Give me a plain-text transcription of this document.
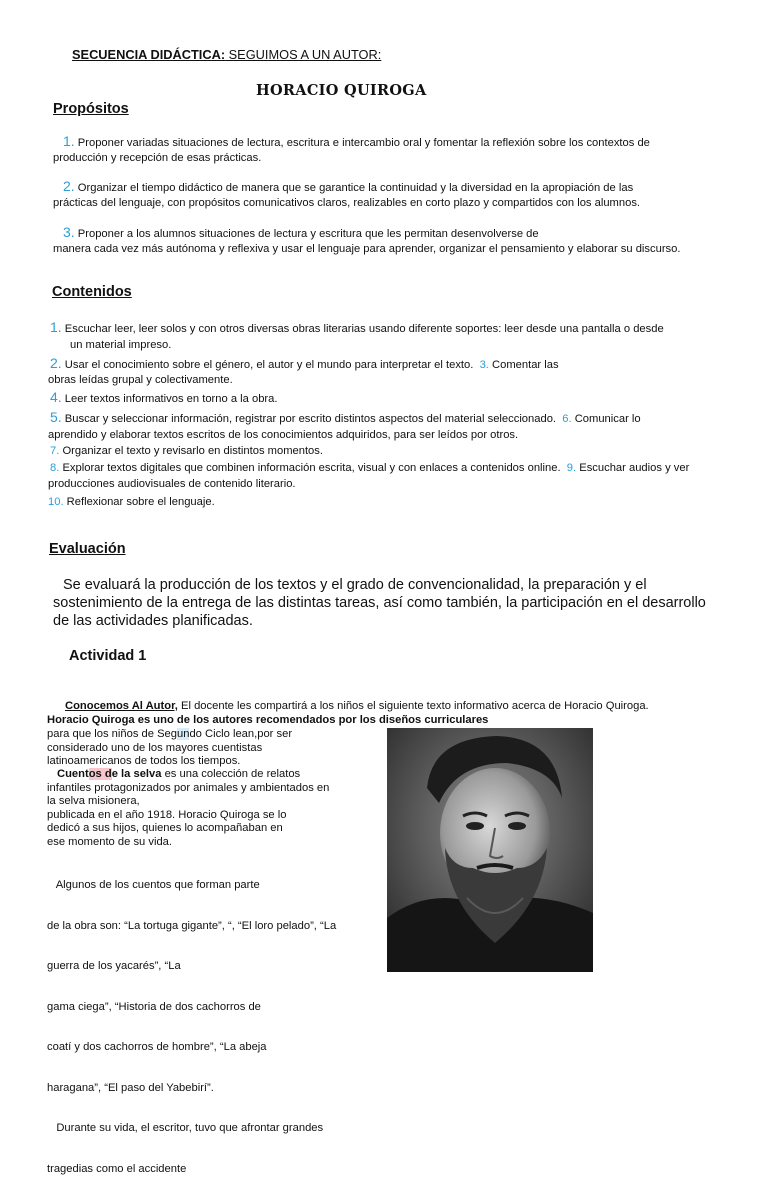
SECUENCIA DIDÁCTICA: SEGUIMOS A UN AUTOR:
HORACIO QUIROGA
Propósitos
1. Proponer variadas situaciones de lectura, escritura e intercambio oral y fomentar la reflexión sobre los contextos de
producción y recepción de esas prácticas.
2. Organizar el tiempo didáctico de manera que se garantice la continuidad y la diversidad en la apropiación de las
prácticas del lenguaje, con propósitos comunicativos claros, realizables en corto plazo y compartidos con los alumnos.
3. Proponer a los alumnos situaciones de lectura y escritura que les permitan desenvolverse de
manera cada vez más autónoma y reflexiva y usar el lenguaje para aprender, organizar el pensamiento y elaborar su discurso.
Contenidos
1. Escuchar leer, leer solos y con otros diversas obras literarias usando diferente soportes: leer desde una pantalla o desde
un material impreso.
2. Usar el conocimiento sobre el género, el autor y el mundo para interpretar el texto. 3. Comentar las
obras leídas grupal y colectivamente.
4. Leer textos informativos en torno a la obra.
5. Buscar y seleccionar información, registrar por escrito distintos aspectos del material seleccionado. 6. Comunicar lo
aprendido y elaborar textos escritos de los conocimientos adquiridos, para ser leídos por otros.
7. Organizar el texto y revisarlo en distintos momentos.
8. Explorar textos digitales que combinen información escrita, visual y con enlaces a contenidos online. 9. Escuchar audios y ver
producciones audiovisuales de contenido literario.
10. Reflexionar sobre el lenguaje.
Evaluación
Se evaluará la producción de los textos y el grado de convencionalidad, la preparación y el
sostenimiento de la entrega de las distintas tareas, así como también, la participación en el desarrollo
de las actividades planificadas.
Actividad 1
Conocemos Al Autor, El docente les compartirá a los niños el siguiente texto informativo acerca de Horacio Quiroga.
Horacio Quiroga es uno de los autores recomendados por los diseños curriculares
para que los niños de Segundo Ciclo lean,por ser
considerado uno de los mayores cuentistas
latinoamericanos de todos los tiempos.
Cuentos de la selva es una colección de relatos
infantiles protagonizados por animales y ambientados en
la selva misionera,
publicada en el año 1918. Horacio Quiroga se lo
dedicó a sus hijos, quienes lo acompañaban en
ese momento de su vida.

Algunos de los cuentos que forman parte

de la obra son: “La tortuga gigante”, “, “El loro pelado”, “La

guerra de los yacarés”, “La

gama ciega”, “Historia de dos cachorros de

coatí y dos cachorros de hombre”, “La abeja

haragana”, “El paso del Yabebirí”.

Durante su vida, el escritor, tuvo que afrontar grandes

tragedias como el accidente
